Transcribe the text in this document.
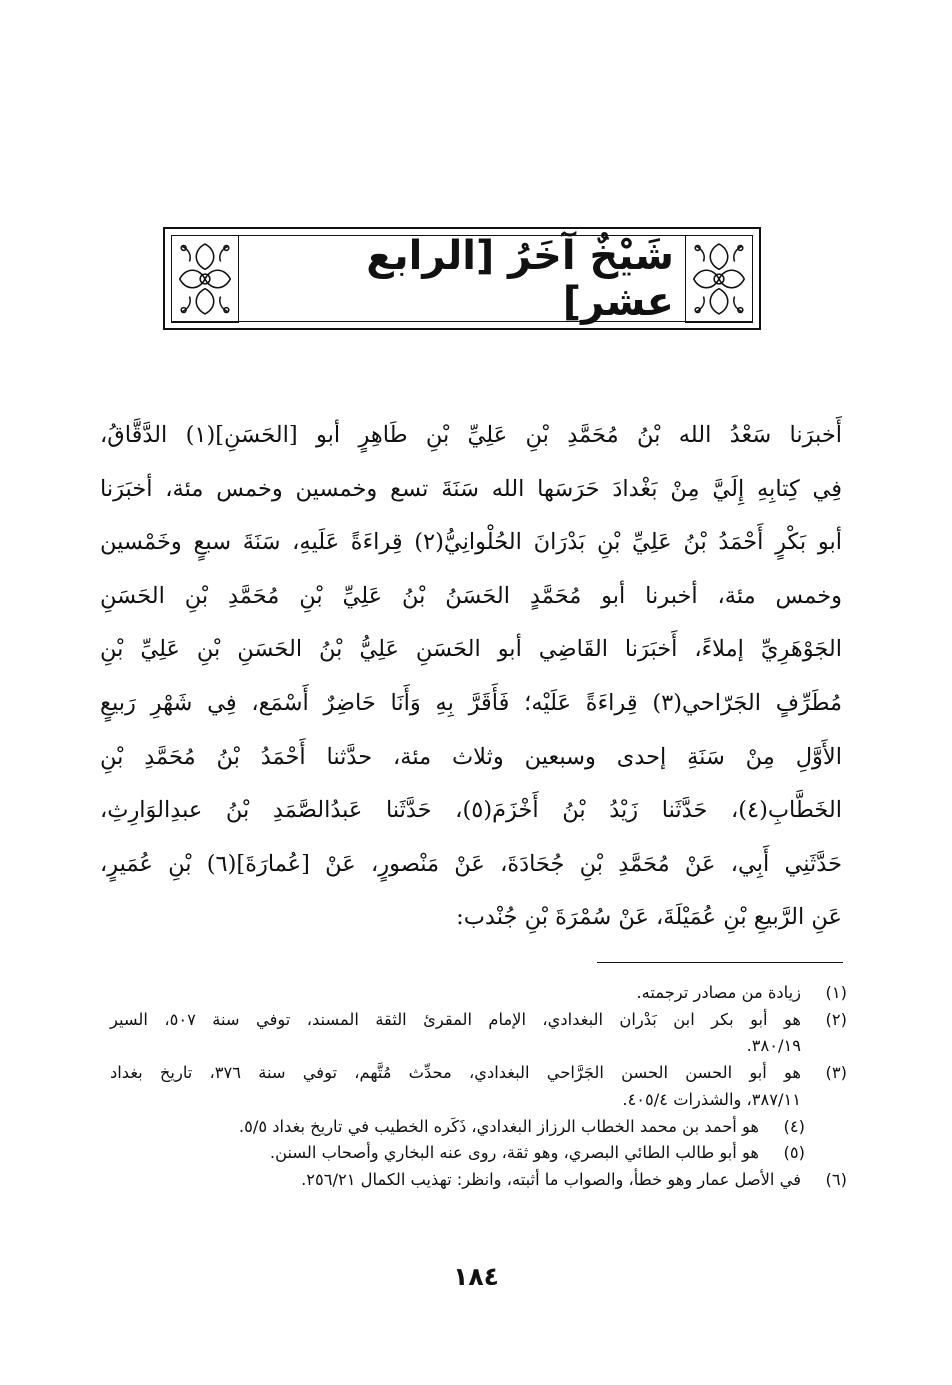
شَيْخٌ آخَرُ [الرابع عشر]
أَخبرَنا سَعْدُ الله بْنُ مُحَمَّدِ بْنِ عَلِيِّ بْنِ طَاهِرٍ أبو [الحَسَنِ](١) الدَّقَّاقُ،
فِي كِتابِهِ إِلَيَّ مِنْ بَغْدادَ حَرَسَها الله سَنَةَ تسع وخمسين وخمس مئة، أخبَرَنا
أبو بَكْرٍ أَحْمَدُ بْنُ عَلِيِّ بْنِ بَدْرَانَ الحُلْوانِيُّ(٢) قِراءَةً عَلَيهِ، سَنَةَ سبعٍ وخَمْسين
وخمس مئة، أخبرنا أبو مُحَمَّدٍ الحَسَنُ بْنُ عَلِيِّ بْنِ مُحَمَّدِ بْنِ الحَسَنِ
الجَوْهَرِيِّ إملاءً، أَخبَرَنا القَاضِي أبو الحَسَنِ عَلِيُّ بْنُ الحَسَنِ بْنِ عَلِيِّ بْنِ
مُطَرِّفٍ الجَرّاحي(٣) قِراءَةً عَلَيْه؛ فَأَقَرَّ بِهِ وَأَنَا حَاضِرٌ أَسْمَع، فِي شَهْرِ رَبيعٍ
الأَوَّلِ مِنْ سَنَةِ إحدى وسبعين وثلاث مئة، حدَّثنا أَحْمَدُ بْنُ مُحَمَّدِ بْنِ
الخَطَّابِ(٤)، حَدَّثَنا زَيْدُ بْنُ أَخْزَمَ(٥)، حَدَّثَنا عَبدُالصَّمَدِ بْنُ عبدِالوَارِثِ،
حَدَّثَنِي أَبِي، عَنْ مُحَمَّدِ بْنِ جُحَادَةَ، عَنْ مَنْصورٍ، عَنْ [عُمارَةَ](٦) بْنِ عُمَيرٍ،
عَنِ الرَّبيعِ بْنِ عُمَيْلَةَ، عَنْ سُمْرَةَ بْنِ جُنْدب:
(١)
زيادة من مصادر ترجمته.
(٢)
هو أبو بكر ابن بَدْران البغدادي، الإمام المقرئ الثقة المسند، توفي سنة ٥٠٧، السير
٣٨٠/١٩.
(٣)
هو أبو الحسن الحسن الجَرَّاحي البغدادي، محدِّث مُتَّهم، توفي سنة ٣٧٦، تاريخ بغداد
٣٨٧/١١، والشذرات ٤٠٥/٤.
(٤)
هو أحمد بن محمد الخطاب الرزاز البغدادي، ذَكَره الخطيب في تاريخ بغداد ٥/٥.
(٥)
هو أبو طالب الطائي البصري، وهو ثقة، روى عنه البخاري وأصحاب السنن.
(٦)
في الأصل عمار وهو خطأ، والصواب ما أثبته، وانظر: تهذيب الكمال ٢٥٦/٢١.
١٨٤
